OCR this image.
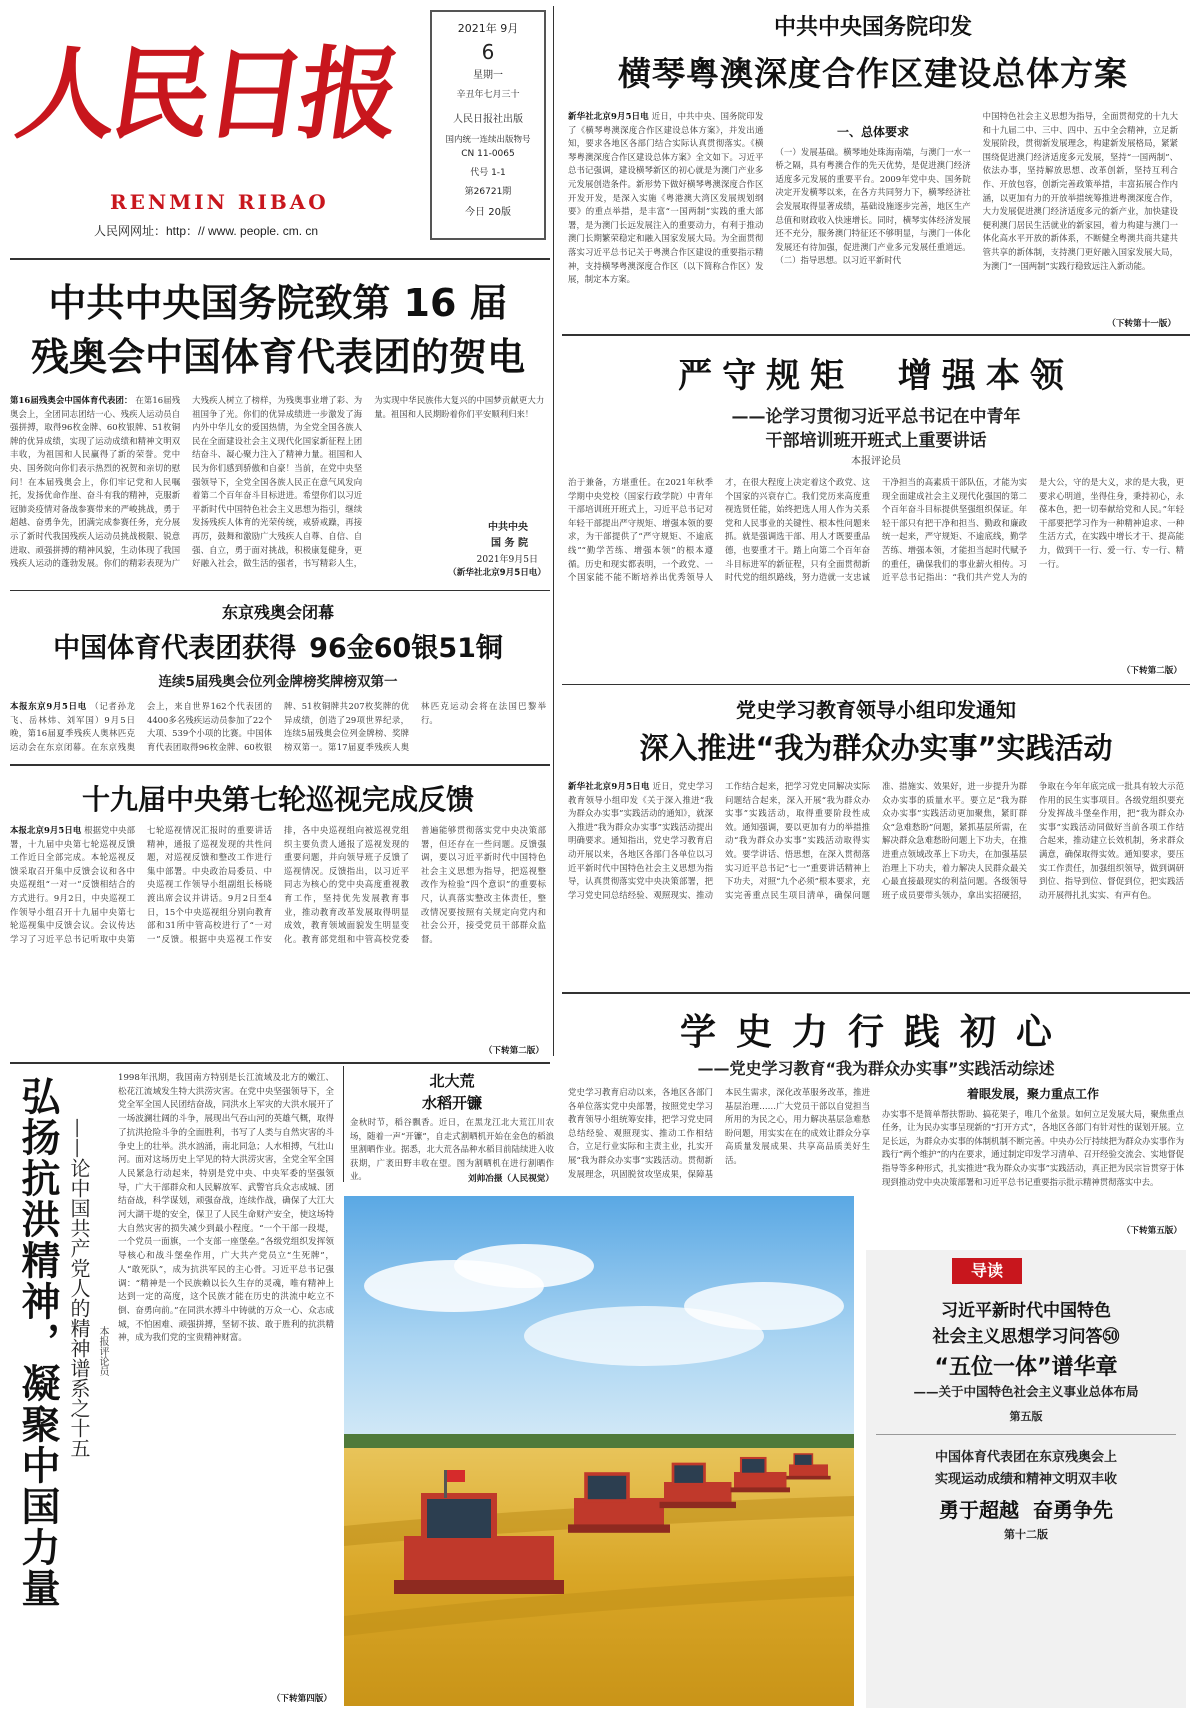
人民日报
RENMIN RIBAO
人民网网址：http：// www. people. cm. cn
2021年 9月
6
星期一
辛丑年七月三十
人民日报社出版
国内统一连续出版物号
CN 11-0065
代号 1-1
第26721期
今日 20版
中共中央国务院印发
横琴粤澳深度合作区建设总体方案
新华社北京9月5日电 近日，中共中央、国务院印发了《横琴粤澳深度合作区建设总体方案》，并发出通知，要求各地区各部门结合实际认真贯彻落实。《横琴粤澳深度合作区建设总体方案》全文如下。习近平总书记强调，建设横琴新区的初心就是为澳门产业多元发展创造条件。新形势下做好横琴粤澳深度合作区开发开发，是深入实施《粤港澳大湾区发展规划纲要》的重点举措，是丰富“一国两制”实践的重大部署，是为澳门长远发展注入的重要动力，有利于推动澳门长期繁荣稳定和融入国家发展大局。为全面贯彻落实习近平总书记关于粤澳合作区建设的重要指示精神，支持横琴粤澳深度合作区（以下简称合作区）发展，制定本方案。
一、总体要求
（一）发展基础。横琴地处珠海南端，与澳门一水一桥之隔，具有粤澳合作的先天优势，是促进澳门经济适度多元发展的重要平台。2009年党中央、国务院决定开发横琴以来，在各方共同努力下，横琴经济社会发展取得显著成绩，基础设施逐步完善，地区生产总值和财政收入快速增长。同时，横琴实体经济发展还不充分，服务澳门特征还不够明显，与澳门一体化发展还有待加强，促进澳门产业多元发展任重道远。（二）指导思想。以习近平新时代
中国特色社会主义思想为指导，全面贯彻党的十九大和十九届二中、三中、四中、五中全会精神，立足新发展阶段，贯彻新发展理念，构建新发展格局，紧紧围绕促进澳门经济适度多元发展，坚持“一国两制”、依法办事，坚持解放思想、改革创新，坚持互利合作、开放包容，创新完善政策举措，丰富拓展合作内涵，以更加有力的开放举措统筹推进粤澳深度合作，大力发展促进澳门经济适度多元的新产业，加快建设便利澳门居民生活就业的新家园，着力构建与澳门一体化高水平开放的新体系，不断健全粤澳共商共建共管共享的新体制，支持澳门更好融入国家发展大局，为澳门“一国两制”实践行稳致远注入新动能。
（下转第十一版）
中共中央国务院致第 16 届
残奥会中国体育代表团的贺电
第16届残奥会中国体育代表团： 在第16届残奥会上，全团同志团结一心、残疾人运动员自强拼搏，取得96枚金牌、60枚银牌、51枚铜牌的优异成绩，实现了运动成绩和精神文明双丰收，为祖国和人民赢得了新的荣誉。党中央、国务院向你们表示热烈的祝贺和亲切的慰问！在本届残奥会上，你们牢记党和人民嘱托，发扬优命作崖、奋斗有我的精神，克服新冠肺炎疫情对备战参赛带来的严峻挑战，勇于超越、奋勇争先，团满完成参赛任务，充分展示了新时代我国残疾人运动员挑战极限、锐意进取、顽强拼搏的精神风貌，生动体现了我国残疾人运动的蓬勃发展。你们的精彩表现为广大残疾人树立了榜样，为残奥事业增了彩、为祖国争了光。你们的优异成绩进一步激发了海内外中华儿女的爱国热情，为全党全国各族人民在全面建设社会主义现代化国家新征程上团结奋斗、凝心聚力注入了精神力量。祖国和人民为你们感到骄傲和自豪！当前，在党中央坚强领导下，全党全国各族人民正在意气风发向着第二个百年奋斗目标进进。希望你们以习近平新时代中国特色社会主义思想为指引，继续发扬残疾人体育的光荣传统，戒骄戒躁，再接再厉，鼓舞和激励广大残疾人自尊、自信、自强、自立，勇于面对挑战，积极康复健身，更好融入社会，做生活的强者，书写精彩人生，为实现中华民族伟大复兴的中国梦贡献更大力量。祖国和人民期盼着你们平安顺利归来！
中共中央
国 务 院
2021年9月5日
（新华社北京9月5日电）
东京残奥会闭幕
中国体育代表团获得 96金60银51铜
连续5届残奥会位列金牌榜奖牌榜双第一
本报东京9月5日电 （记者孙龙飞、岳林炜、刘军国）9月5日晚，第16届夏季残疾人奥林匹克运动会在东京闭幕。在东京残奥会上，来自世界162个代表团的4400多名残疾运动员参加了22个大项、539个小项的比赛。中国体育代表团取得96枚金牌、60枚银牌、51枚铜牌共207枚奖牌的优异成绩，创造了29项世界纪录，连续5届残奥会位列金牌榜、奖牌榜双第一。第17届夏季残疾人奥林匹克运动会将在法国巴黎举行。
十九届中央第七轮巡视完成反馈
本报北京9月5日电 根据党中央部署，十九届中央第七轮巡视反馈工作近日全部完成。本轮巡视反馈采取召开集中反馈会议和各中央巡视组“一对一”反馈相结合的方式进行。9月2日，中央巡视工作领导小组召开十九届中央第七轮巡视集中反馈会议。会议传达学习了习近平总书记听取中央第七轮巡视情况汇报时的重要讲话精神，通报了巡视发现的共性问题，对巡视反馈和整改工作进行集中部署。中央政治局委员、中央巡视工作领导小组副组长杨晓渡出席会议并讲话。9月2日至4日，15个中央巡视组分别向教育部和31所中管高校进行了“一对一”反馈。根据中央巡视工作安排，各中央巡视组向被巡视党组织主要负责人通报了巡视发现的重要问题，并向领导班子反馈了巡视情况。反馈指出，以习近平同志为核心的党中央高度重视教育工作，坚持优先发展教育事业，推动教育改革发展取得明显成效，教育领域面貌发生明显变化。教育部党组和中管高校党委普遍能够贯彻落实党中央决策部署，但还存在一些问题。反馈强调，要以习近平新时代中国特色社会主义思想为指导，把巡视整改作为检验“四个意识”的重要标尺，认真落实整改主体责任，整改情况要按照有关规定向党内和社会公开，接受党员干部群众监督。
（下转第二版）
严守规矩  增强本领
——论学习贯彻习近平总书记在中青年
干部培训班开班式上重要讲话
本报评论员
治于兼备，方堪重任。在2021年秋季学期中央党校（国家行政学院）中青年干部培训班开班式上，习近平总书记对年轻干部提出严守规矩、增强本领的要求，为干部提供了“严守规矩、不逾底线”“勤学苦练、增强本领”的根本遵循。历史和现实都表明，一个政党、一个国家能不能不断培养出优秀领导人才，在很大程度上决定着这个政党、这个国家的兴衰存亡。我们党历来高度重视选贤任能，始终把选人用人作为关系党和人民事业的关键性、根本性问题来抓。就是强调选干部、用人才既要重品德，也要重才干。踏上向第二个百年奋斗目标进军的新征程，只有全面贯彻新时代党的组织路线，努力造就一支忠诚干净担当的高素质干部队伍，才能为实现全面建成社会主义现代化强国的第二个百年奋斗目标提供坚强组织保证。年轻干部只有把干净和担当、勤政和廉政统一起来，严守规矩、不逾底线，勤学苦练、增强本领，才能担当起时代赋予的重任，确保我们的事业薪火相传。习近平总书记指出：“我们共产党人为的是大公，守的是大义，求的是大我，更要求心明道，坐得住身，秉持初心，永葆本色，把一切奉献给党和人民。”年轻干部要把学习作为一种精神追求、一种生活方式，在实践中增长才干、提高能力，做到干一行、爱一行、专一行、精一行。
（下转第二版）
党史学习教育领导小组印发通知
深入推进“我为群众办实事”实践活动
新华社北京9月5日电 近日，党史学习教育领导小组印发《关于深入推进“我为群众办实事”实践活动的通知》，就深入推进“我为群众办实事”实践活动提出明确要求。通知指出，党史学习教育启动开展以来，各地区各部门各单位以习近平新时代中国特色社会主义思想为指导，认真贯彻落实党中央决策部署，把学习党史同总结经验、观照现实、推动工作结合起来，把学习党史同解决实际问题结合起来，深入开展“我为群众办实事”实践活动，取得重要阶段性成效。通知强调，要以更加有力的举措推动“我为群众办实事”实践活动取得实效。要学讲话、悟思想，在深入贯彻落实习近平总书记“七一”重要讲话精神上下功夫，对照“九个必须”根本要求，充实完善重点民生项目清单，确保问题准、措施实、效果好，进一步提升为群众办实事的质量水平。要立足“我为群众办实事”实践活动更加聚焦，紧盯群众“急难愁盼”问题，紧抓基层所需，在解决群众急难愁盼问题上下功夫，在推进重点领域改革上下功夫，在加强基层治理上下功夫，着力解决人民群众最关心最直接最现实的利益问题。各级领导班子成员要带头领办，拿出实招硬招，争取在今年年底完成一批具有较大示范作用的民生实事项目。各级党组织要充分发挥战斗堡垒作用，把“我为群众办实事”实践活动同做好当前各项工作结合起来，推动建立长效机制，务求群众满意，确保取得实效。通知要求，要压实工作责任，加强组织领导，做到调研到位、指导到位、督促到位，把实践活动开展得扎扎实实、有声有色。
学史力行践初心
——党史学习教育“我为群众办实事”实践活动综述
党史学习教育启动以来，各地区各部门各单位落实党中央部署，按照党史学习教育领导小组统筹安排，把学习党史同总结经验、观照现实、推动工作相结合，立足行业实际和主责主业，扎实开展“我为群众办实事”实践活动。贯彻新发展理念，巩固脱贫攻坚成果，保障基本民生需求，深化改革服务改革，推进基层治理……广大党员干部以自觉担当所用的为民之心，用力解决基层急难愁盼问题，用实实在在的成效让群众分享高质量发展成果、共享高品质美好生活。
着眼发展，聚力重点工作
办实事不是简单帮扶帮助、搞花架子，唯几个盆景。如何立足发展大局，聚焦重点任务，让为民办实事呈现新的“打开方式”，各地区各部门有针对性的谋划开展。立足长远，为群众办实事的体制机制不断完善。中央办公厅持续把为群众办实事作为践行“两个维护”的内在要求，通过制定印发学习清单、召开经验交流会、实地督促指导等多种形式，扎实推进“我为群众办实事”实践活动，真正把为民宗旨贯穿于体现到推动党中央决策部署和习近平总书记重要指示批示精神贯彻落实中去。
（下转第五版）
弘扬抗洪精神，凝聚中国力量 ——论中国共产党人的精神谱系之十五 本报评论员
1998年汛期，我国南方特别是长江流域及北方的嫩江、松花江流域发生特大洪涝灾害。在党中央坚强领导下，全党全军全国人民团结奋战，同洪水上军灾的大洪水展开了一场波澜壮阔的斗争，展现出气吞山河的英雄气概，取得了抗洪抢险斗争的全面胜利，书写了人类与自然灾害的斗争史上的壮举。洪水汹涌，南北同急；人水相搏，气壮山河。面对这场历史上罕见的特大洪涝灾害，全党全军全国人民紧急行动起来，特别是党中央、中央军委的坚强领导，广大干部群众和人民解放军、武警官兵众志成城、团结奋战，科学谋划，顽强奋战，连续作战，确保了大江大河大湖干堤的安全，保卫了人民生命财产安全，使这场特大自然灾害的损失减少到最小程度。“一个干部一段堤，一个党员一面旗，一个支部一座堡垒。”各级党组织发挥领导核心和战斗堡垒作用，广大共产党员立“生死牌”，人“敢死队”，成为抗洪军民的主心骨。习近平总书记强调：“精神是一个民族赖以长久生存的灵魂，唯有精神上达到一定的高度，这个民族才能在历史的洪流中屹立不倒、奋勇向前。”在同洪水搏斗中铸就的万众一心、众志成城，不怕困难、顽强拼搏，坚韧不拔、敢于胜利的抗洪精神，成为我们党的宝贵精神财富。
（下转第四版）
北大荒
水稻开镰
金秋时节，稻谷飘香。近日，在黑龙江北大荒江川农场，随着一声“开镰”，自走式割晒机开始在金色的稻浪里割晒作业。据悉，北大荒各品种水稻目前陆续进入收获期，广袤田野丰收在望。图为割晒机在进行割晒作业。	刘帅冶摄（人民视觉）
导读
习近平新时代中国特色
社会主义思想学习问答㊿
“五位一体”谱华章
——关于中国特色社会主义事业总体布局
第五版
中国体育代表团在东京残奥会上
实现运动成绩和精神文明双丰收
勇于超越  奋勇争先
第十二版
